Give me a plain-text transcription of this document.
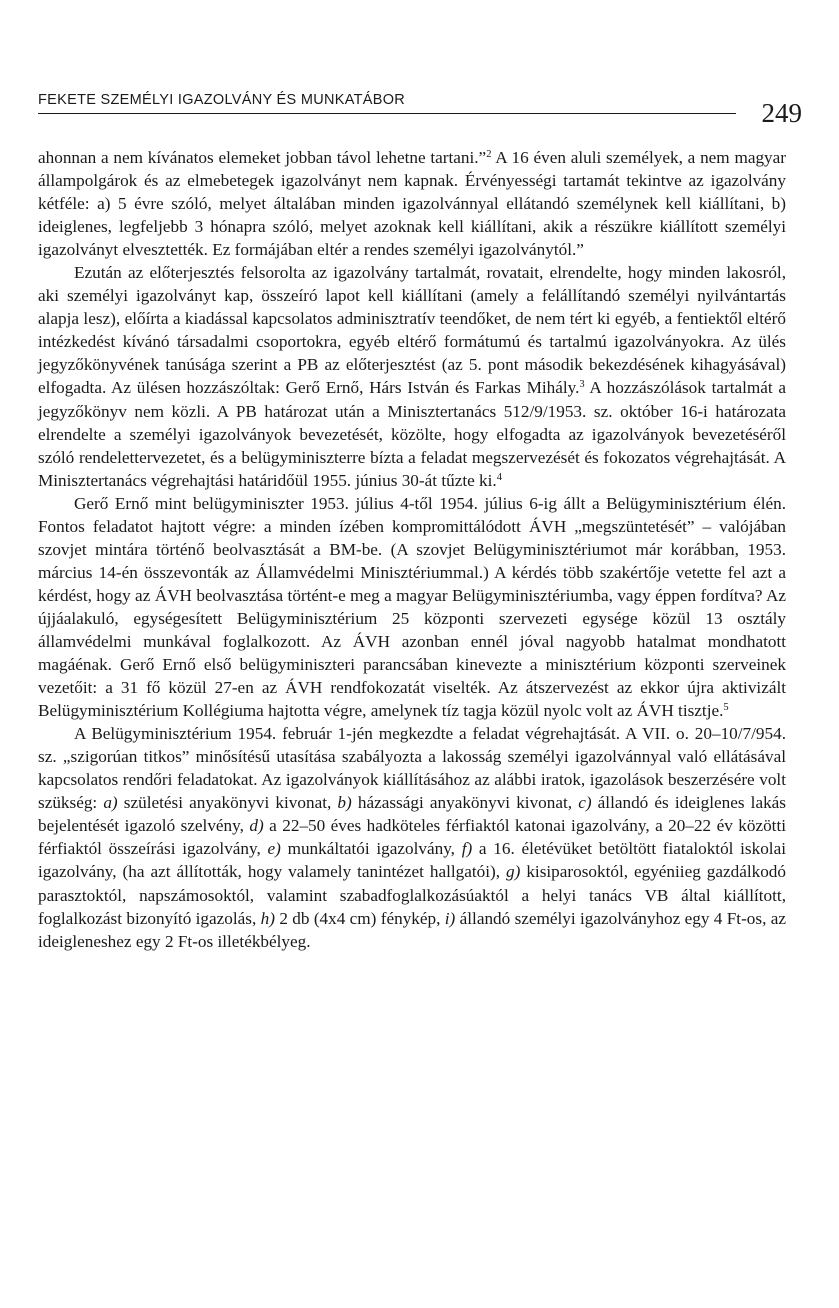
FEKETE SZEMÉLYI IGAZOLVÁNY ÉS MUNKATÁBOR	249

ahonnan a nem kívánatos elemeket jobban távol lehetne tartani.”$^2$ A 16 éven aluli személyek, a nem magyar állampolgárok és az elmebetegek igazolványt nem kapnak. Érvényességi tartamát tekintve az igazolvány kétféle: a) 5 évre szóló, melyet általában minden igazolvánnyal ellátandó személynek kell kiállítani, b) ideiglenes, legfeljebb 3 hónapra szóló, melyet azoknak kell kiállítani, akik a részükre kiállított személyi igazolványt elvesztették. Ez formájában eltér a rendes személyi igazolványtól.”

Ezután az előterjesztés felsorolta az igazolvány tartalmát, rovatait, elrendelte, hogy minden lakosról, aki személyi igazolványt kap, összeíró lapot kell kiállítani (amely a felállítandó személyi nyilvántartás alapja lesz), előírta a kiadással kapcsolatos adminisztratív teendőket, de nem tért ki egyéb, a fentiektől eltérő intézkedést kívánó társadalmi csoportokra, egyéb eltérő formátumú és tartalmú igazolványokra. Az ülés jegyzőkönyvének tanúsága szerint a PB az előterjesztést (az 5. pont második bekezdésének kihagyásával) elfogadta. Az ülésen hozzászóltak: Gerő Ernő, Hárs István és Farkas Mihály.$^3$ A hozzászólások tartalmát a jegyzőkönyv nem közli. A PB határozat után a Minisztertanács 512/9/1953. sz. október 16-i határozata elrendelte a személyi igazolványok bevezetését, közölte, hogy elfogadta az igazolványok bevezetéséről szóló rendelettervezetet, és a belügyminiszterre bízta a feladat megszervezését és fokozatos végrehajtását. A Minisztertanács végrehajtási határidőül 1955. június 30-át tűzte ki.$^4$

Gerő Ernő mint belügyminiszter 1953. július 4-től 1954. július 6-ig állt a Belügyminisztérium élén. Fontos feladatot hajtott végre: a minden ízében kompromittálódott ÁVH „megszüntetését” – valójában szovjet mintára történő beolvasztását a BM-be. (A szovjet Belügyminisztériumot már korábban, 1953. március 14-én összevonták az Államvédelmi Minisztériummal.) A kérdés több szakértője vetette fel azt a kérdést, hogy az ÁVH beolvasztása történt-e meg a magyar Belügyminisztériumba, vagy éppen fordítva? Az újjáalakuló, egységesített Belügyminisztérium 25 központi szervezeti egysége közül 13 osztály államvédelmi munkával foglalkozott. Az ÁVH azonban ennél jóval nagyobb hatalmat mondhatott magáénak. Gerő Ernő első belügyminiszteri parancsában kinevezte a minisztérium központi szerveinek vezetőit: a 31 fő közül 27-en az ÁVH rendfokozatát viselték. Az átszervezést az ekkor újra aktivizált Belügyminisztérium Kollégiuma hajtotta végre, amelynek tíz tagja közül nyolc volt az ÁVH tisztje.$^5$

A Belügyminisztérium 1954. február 1-jén megkezdte a feladat végrehajtását. A VII. o. 20–10/7/954. sz. „szigorúan titkos” minősítésű utasítása szabályozta a lakosság személyi igazolvánnyal való ellátásával kapcsolatos rendőri feladatokat. Az igazolványok kiállításához az alábbi iratok, igazolások beszerzésére volt szükség: a) születési anyakönyvi kivonat, b) házassági anyakönyvi kivonat, c) állandó és ideiglenes lakás bejelentését igazoló szelvény, d) a 22–50 éves hadköteles férfiaktól katonai igazolvány, a 20–22 év közötti férfiaktól összeírási igazolvány, e) munkáltatói igazolvány, f) a 16. életévüket betöltött fiataloktól iskolai igazolvány, (ha azt állították, hogy valamely tanintézet hallgatói), g) kisiparosoktól, egyéniieg gazdálkodó parasztoktól, napszámosoktól, valamint szabadfoglalkozásúaktól a helyi tanács VB által kiállított, foglalkozást bizonyító igazolás, h) 2 db (4x4 cm) fénykép, i) állandó személyi igazolványhoz egy 4 Ft-os, az ideigleneshez egy 2 Ft-os illetékbélyeg.
